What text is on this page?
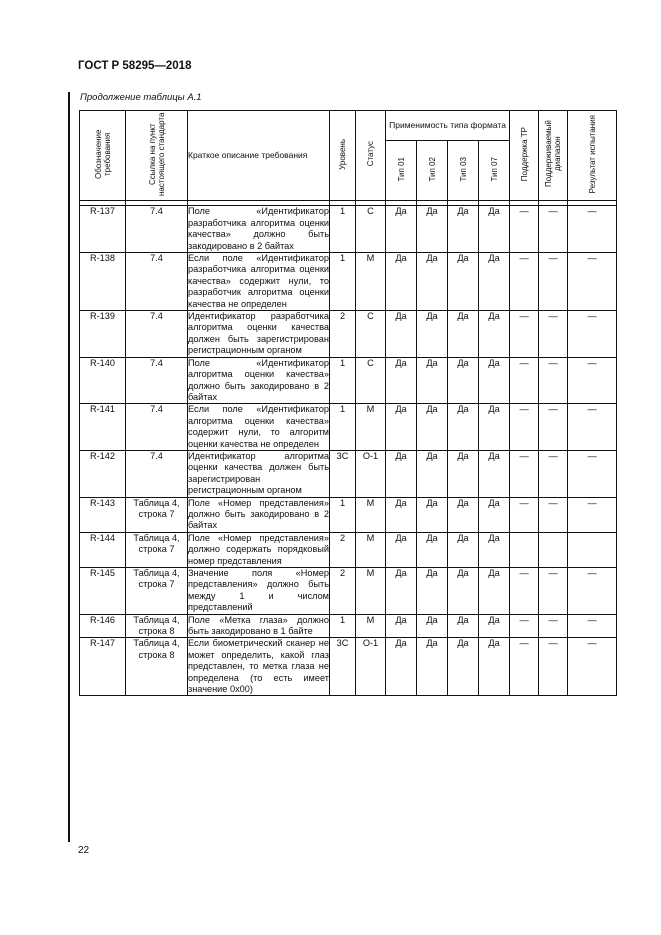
ГОСТ Р 58295—2018
Продолжение таблицы А.1
Обозначение требования	Ссылка на пункт настоящего стандарта	Краткое описание требования	Уровень	Статус	Применимость типа формата				Поддержка ТР	Поддерживаемый диапазон	Результат испытания
					Тип 01	Тип 02	Тип 03	Тип 07			

R-137	7.4	Поле «Идентификатор разработчика алгоритма оценки качества» должно быть закодировано в 2 байтах	1	С	Да	Да	Да	Да	—	—	—
R-138	7.4	Если поле «Идентификатор разработчика алгоритма оценки качества» содержит нули, то разработчик алгоритма оценки качества не определен	1	М	Да	Да	Да	Да	—	—	—
R-139	7.4	Идентификатор разработчика алгоритма оценки качества должен быть зарегистрирован регистрационным органом	2	С	Да	Да	Да	Да	—	—	—
R-140	7.4	Поле «Идентификатор алгоритма оценки качества» должно быть закодировано в 2 байтах	1	С	Да	Да	Да	Да	—	—	—
R-141	7.4	Если поле «Идентификатор алгоритма оценки качества» содержит нули, то алгоритм оценки качества не определен	1	М	Да	Да	Да	Да	—	—	—
R-142	7.4	Идентификатор алгоритма оценки качества должен быть зарегистрирован регистрационным органом	3С	О-1	Да	Да	Да	Да	—	—	—
R-143	Таблица 4, строка 7	Поле «Номер представления» должно быть закодировано в 2 байтах	1	М	Да	Да	Да	Да	—	—	—
R-144	Таблица 4, строка 7	Поле «Номер представления» должно содержать порядковый номер представления	2	М	Да	Да	Да	Да			
R-145	Таблица 4, строка 7	Значение поля «Номер представления» должно быть между 1 и числом представлений	2	М	Да	Да	Да	Да	—	—	—
R-146	Таблица 4, строка 8	Поле «Метка глаза» должно быть закодировано в 1 байте	1	М	Да	Да	Да	Да	—	—	—
R-147	Таблица 4, строка 8	Если биометрический сканер не может определить, какой глаз представлен, то метка глаза не определена (то есть имеет значение 0х00)	3С	О-1	Да	Да	Да	Да	—	—	—
22
